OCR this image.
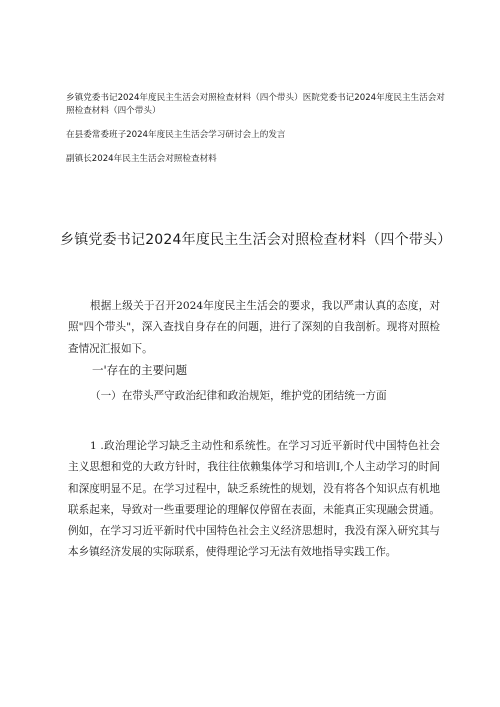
乡镇党委书记2024年度民主生活会对照检查材料（四个带头）医院党委书记2024年度民主生活会对照检查材料（四个带头）
在县委常委班子2024年度民主生活会学习研讨会上的发言
副镇长2024年民主生活会对照检查材料
乡镇党委书记2024年度民主生活会对照检查材料（四个带头）
根据上级关于召开2024年度民主生活会的要求，我以严肃认真的态度，对照"四个带头"，深入查找自身存在的问题，进行了深刻的自我剖析。现将对照检查情况汇报如下。
一'存在的主要问题
（一）在带头严守政治纪律和政治规矩，维护党的团结统一方面
1 .政治理论学习缺乏主动性和系统性。在学习习近平新时代中国特色社会主义思想和党的大政方针时，我往往依赖集体学习和培训I,个人主动学习的时间和深度明显不足。在学习过程中，缺乏系统性的规划，没有将各个知识点有机地联系起来，导致对一些重要理论的理解仅停留在表面，未能真正实现融会贯通。例如，在学习习近平新时代中国特色社会主义经济思想时，我没有深入研究其与本乡镇经济发展的实际联系，使得理论学习无法有效地指导实践工作。
